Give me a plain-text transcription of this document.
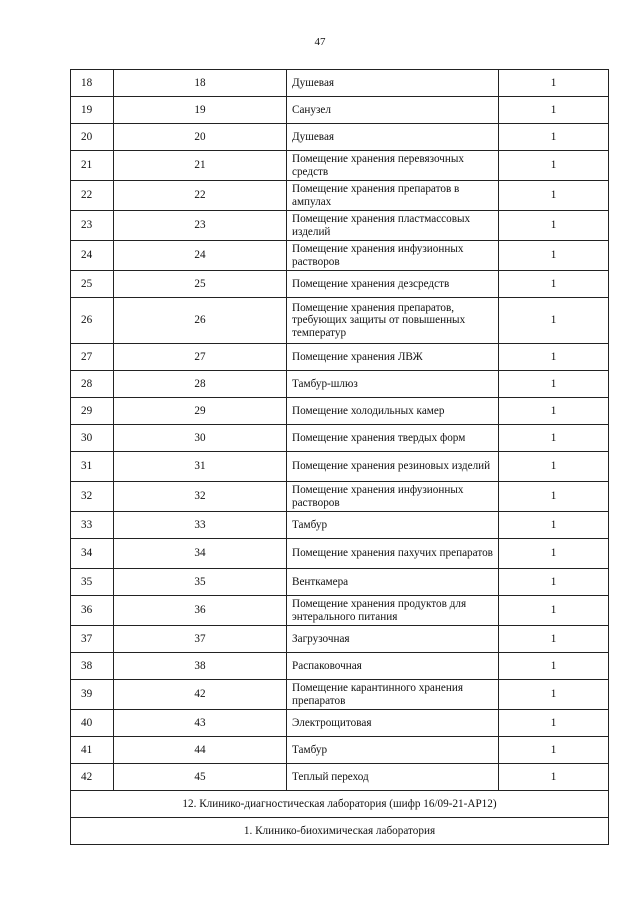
47
18	18	Душевая	1
19	19	Санузел	1
20	20	Душевая	1
21	21	Помещение хранения перевязочных средств	1
22	22	Помещение хранения препаратов в ампулах	1
23	23	Помещение хранения пластмассовых изделий	1
24	24	Помещение хранения инфузионных растворов	1
25	25	Помещение хранения дезсредств	1
26	26	Помещение хранения препаратов, требующих защиты от повышенных температур	1
27	27	Помещение хранения ЛВЖ	1
28	28	Тамбур-шлюз	1
29	29	Помещение холодильных камер	1
30	30	Помещение хранения твердых форм	1
31	31	Помещение хранения резиновых изделий	1
32	32	Помещение хранения инфузионных растворов	1
33	33	Тамбур	1
34	34	Помещение хранения пахучих препаратов	1
35	35	Венткамера	1
36	36	Помещение хранения продуктов для энтерального питания	1
37	37	Загрузочная	1
38	38	Распаковочная	1
39	42	Помещение карантинного хранения препаратов	1
40	43	Электрощитовая	1
41	44	Тамбур	1
42	45	Теплый переход	1
12. Клинико-диагностическая лаборатория (шифр 16/09-21-АР12)			
1. Клинико-биохимическая лаборатория			
